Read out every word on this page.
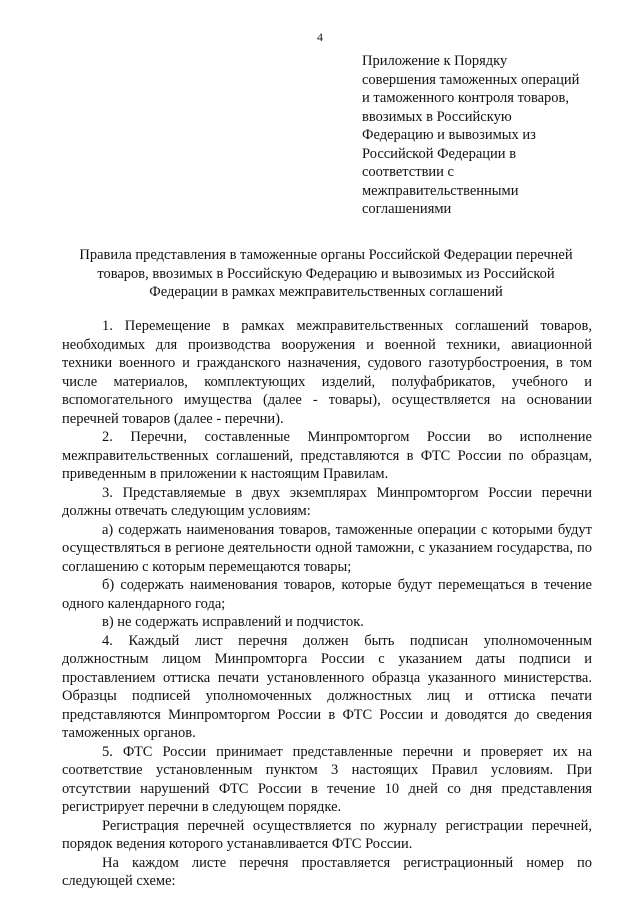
4
Приложение к Порядку
совершения таможенных операций
и таможенного контроля товаров,
ввозимых в Российскую
Федерацию и вывозимых из
Российской Федерации в
соответствии с
межправительственными
соглашениями
Правила представления в таможенные органы Российской Федерации перечней
товаров, ввозимых в Российскую Федерацию и вывозимых из Российской
Федерации в рамках межправительственных соглашений

1. Перемещение в рамках межправительственных соглашений товаров, необходимых для производства вооружения и военной техники, авиационной техники военного и гражданского назначения, судового газотурбостроения, в том числе материалов, комплектующих изделий, полуфабрикатов, учебного и вспомогательного имущества (далее - товары), осуществляется на основании перечней товаров (далее - перечни).

2. Перечни, составленные Минпромторгом России во исполнение межправительственных соглашений, представляются в ФТС России по образцам, приведенным в приложении к настоящим Правилам.

3. Представляемые в двух экземплярах Минпромторгом России перечни должны отвечать следующим условиям:

а) содержать наименования товаров, таможенные операции с которыми будут осуществляться в регионе деятельности одной таможни, с указанием государства, по соглашению с которым перемещаются товары;

б) содержать наименования товаров, которые будут перемещаться в течение одного календарного года;

в) не содержать исправлений и подчисток.

4. Каждый лист перечня должен быть подписан уполномоченным должностным лицом Минпромторга России с указанием даты подписи и проставлением оттиска печати установленного образца указанного министерства. Образцы подписей уполномоченных должностных лиц и оттиска печати представляются Минпромторгом России в ФТС России и доводятся до сведения таможенных органов.

5. ФТС России принимает представленные перечни и проверяет их на соответствие установленным пунктом 3 настоящих Правил условиям. При отсутствии нарушений ФТС России в течение 10 дней со дня представления регистрирует перечни в следующем порядке.

Регистрация перечней осуществляется по журналу регистрации перечней, порядок ведения которого устанавливается ФТС России.

На каждом листе перечня проставляется регистрационный номер по следующей схеме:
